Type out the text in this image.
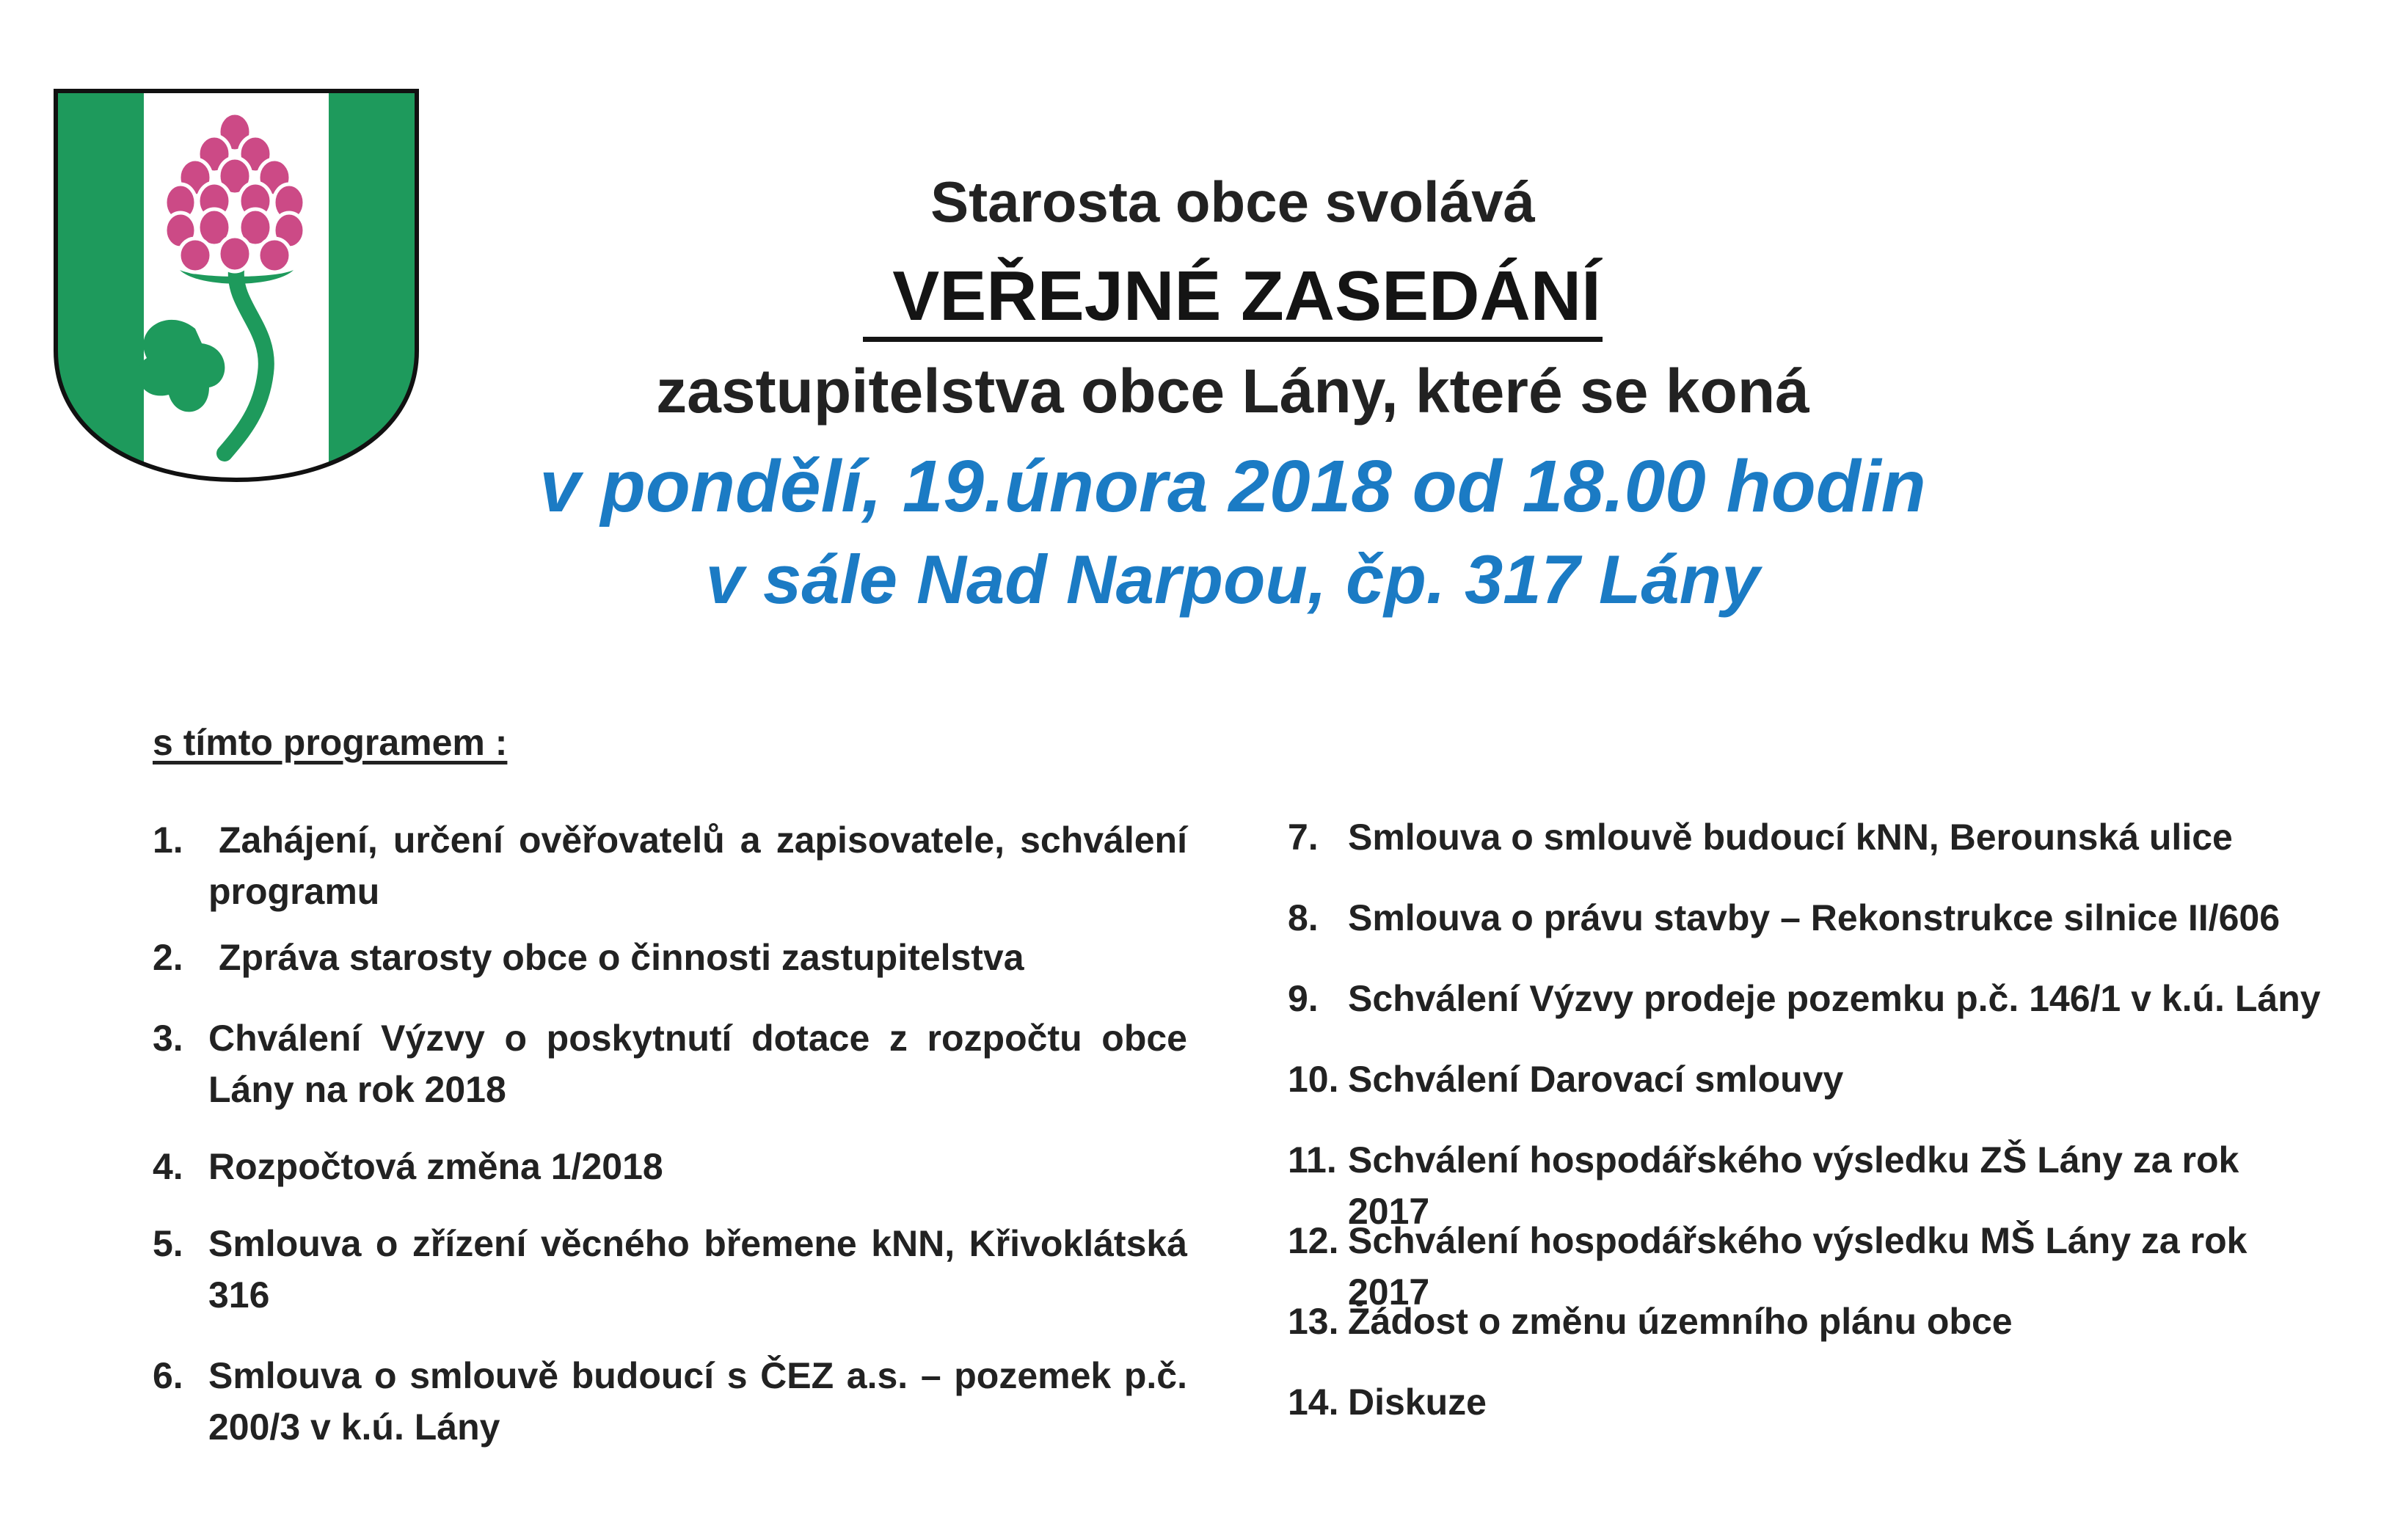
Starosta obce svolává
VEŘEJNÉ ZASEDÁNÍ
zastupitelstva obce Lány, které se koná
v pondělí, 19.února 2018 od 18.00 hodin
v sále Nad Narpou, čp. 317 Lány
s tímto programem :
1. Zahájení, určení ověřovatelů a zapisovatele, schválení programu
2. Zpráva starosty obce o činnosti zastupitelstva
3. Chválení Výzvy o poskytnutí dotace z rozpočtu obce Lány na rok 2018
4. Rozpočtová změna 1/2018
5. Smlouva o zřízení věcného břemene kNN, Křivoklátská 316
6. Smlouva o smlouvě budoucí s ČEZ a.s. – pozemek p.č. 200/3 v k.ú. Lány
7. Smlouva o smlouvě budoucí kNN, Berounská ulice
8. Smlouva o právu stavby – Rekonstrukce silnice II/606
9. Schválení Výzvy prodeje pozemku p.č. 146/1 v k.ú. Lány
10. Schválení Darovací smlouvy
11. Schválení hospodářského výsledku ZŠ Lány za rok 2017
12. Schválení hospodářského výsledku MŠ Lány za rok 2017
13. Žádost o změnu územního plánu obce
14. Diskuze
